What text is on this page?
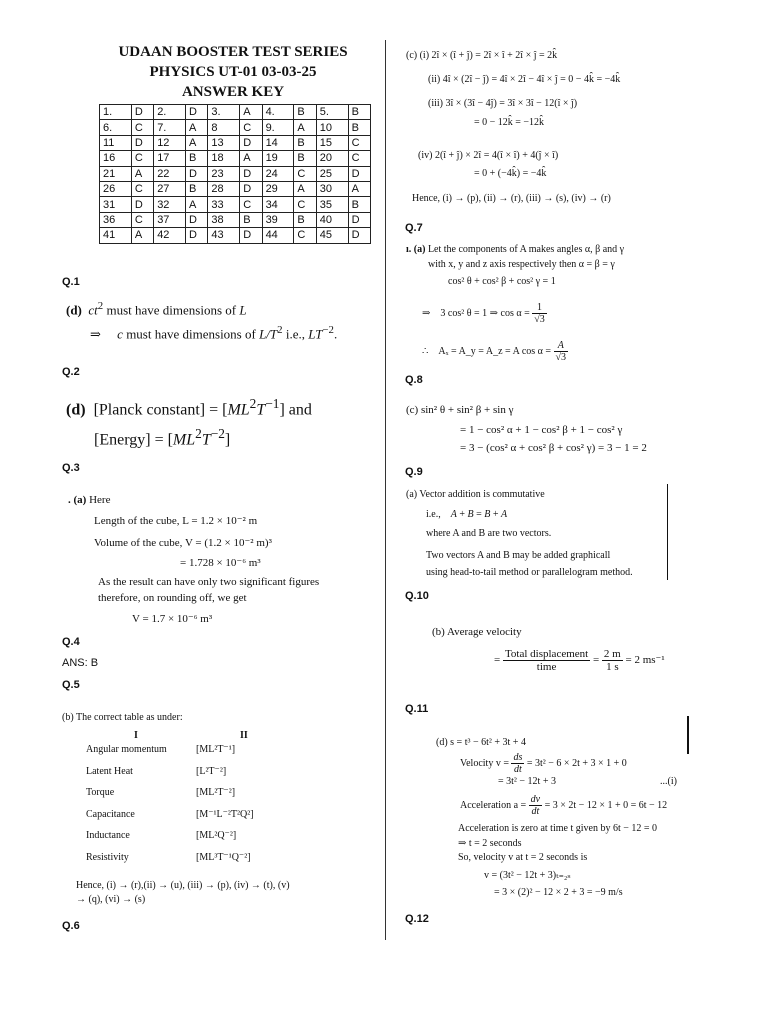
UDAAN BOOSTER TEST SERIES
PHYSICS UT-01 03-03-25
ANSWER KEY
1.	D	2.	D	3.	A	4.	B	5.	B
6.	C	7.	A	8	C	9.	A	10	B
11	D	12	A	13	D	14	B	15	C
16	C	17	B	18	A	19	B	20	C
21	A	22	D	23	D	24	C	25	D
26	C	27	B	28	D	29	A	30	A
31	D	32	A	33	C	34	C	35	B
36	C	37	D	38	B	39	B	40	D
41	A	42	D	43	D	44	C	45	D
Q.1
(d) $ct^2$ must have dimensions of L
⇒     c must have dimensions of $L/T^2$ i.e., $LT^{-2}$.
Q.2
(d)  [Planck constant] = $[ML^2T^{-1}]$ and
[Energy] = $[ML^2T^{-2}]$
Q.3
. (a) Here
Length of the cube, L = 1.2 × 10⁻² m
Volume of the cube, V = (1.2 × 10⁻² m)³
= 1.728 × 10⁻⁶ m³
As the result can have only two significant figures
therefore, on rounding off, we get
V = 1.7 × 10⁻⁶ m³
Q.4
ANS: B
Q.5
(b) The correct table as under:
I	II
Angular momentum	[ML²T⁻¹]
Latent Heat	[L²T⁻²]
Torque	[ML²T⁻²]
Capacitance	[M⁻¹L⁻²T²Q²]
Inductance	[ML²Q⁻²]
Resistivity	[ML³T⁻¹Q⁻²]
Hence, (i) → (r),(ii) → (u), (iii) → (p), (iv) → (t), (v)
→ (q), (vi) → (s)
Q.6
(c) (i) 2î × (î + ĵ) = 2î × î + 2î × ĵ = 2k̂
(ii) 4î × (2î − ĵ) = 4î × 2î − 4î × ĵ = 0 − 4k̂ = −4k̂
(iii) 3î × (3î − 4ĵ) = 3î × 3î − 12(î × ĵ)
= 0 − 12k̂ = −12k̂
(iv) 2(î + ĵ) × 2î = 4(î × î) + 4(ĵ × î)
= 0 + (−4k̂) = −4k̂
Hence, (i) → (p), (ii) → (r), (iii) → (s), (iv) → (r)
Q.7
ı. (a) Let the components of A makes angles α, β and γ
with x, y and z axis respectively then α = β = γ
cos² θ + cos² β + cos² γ = 1
⇒    3 cos² θ = 1 ⇒ $\cos \alpha = \frac{1}{√3}$
∴    Aₓ = A_y = A_z = A $\cos \alpha = \frac{A}{√3}$
Q.8
(c) sin² θ + sin² β + sin γ
= 1 − cos² α + 1 − cos² β + 1 − cos² γ
= 3 − (cos² α + cos² β + cos² γ) = 3 − 1 = 2
Q.9
(a) Vector addition is commutative
i.e., A + B = B + A
where A and B are two vectors.
Two vectors A and B may be added graphicall
using head-to-tail method or parallelogram method.
Q.10
(b) Average velocity
= $\frac{\text{Total displacement}}{\text{time}} = \frac{2 m}{1 s} = 2$ ms⁻¹
Q.11
(d) s = t³ − 6t² + 3t + 4
Velocity $v = \frac{ds}{dt} = 3t^2 - 6 \times 2t + 3 \times 1 + 0$
= 3t² − 12t + 3	...(i)
Acceleration $a = \frac{dv}{dt} = 3 \times 2t - 12 \times 1 + 0 = 6t - 12$
Acceleration is zero at time t given by 6t − 12 = 0
⇒ t = 2 seconds
So, velocity v at t = 2 seconds is
v = (3t² − 12t + 3)ₜ₌₂ₛ
= 3 × (2)² − 12 × 2 + 3 = −9 m/s
Q.12
